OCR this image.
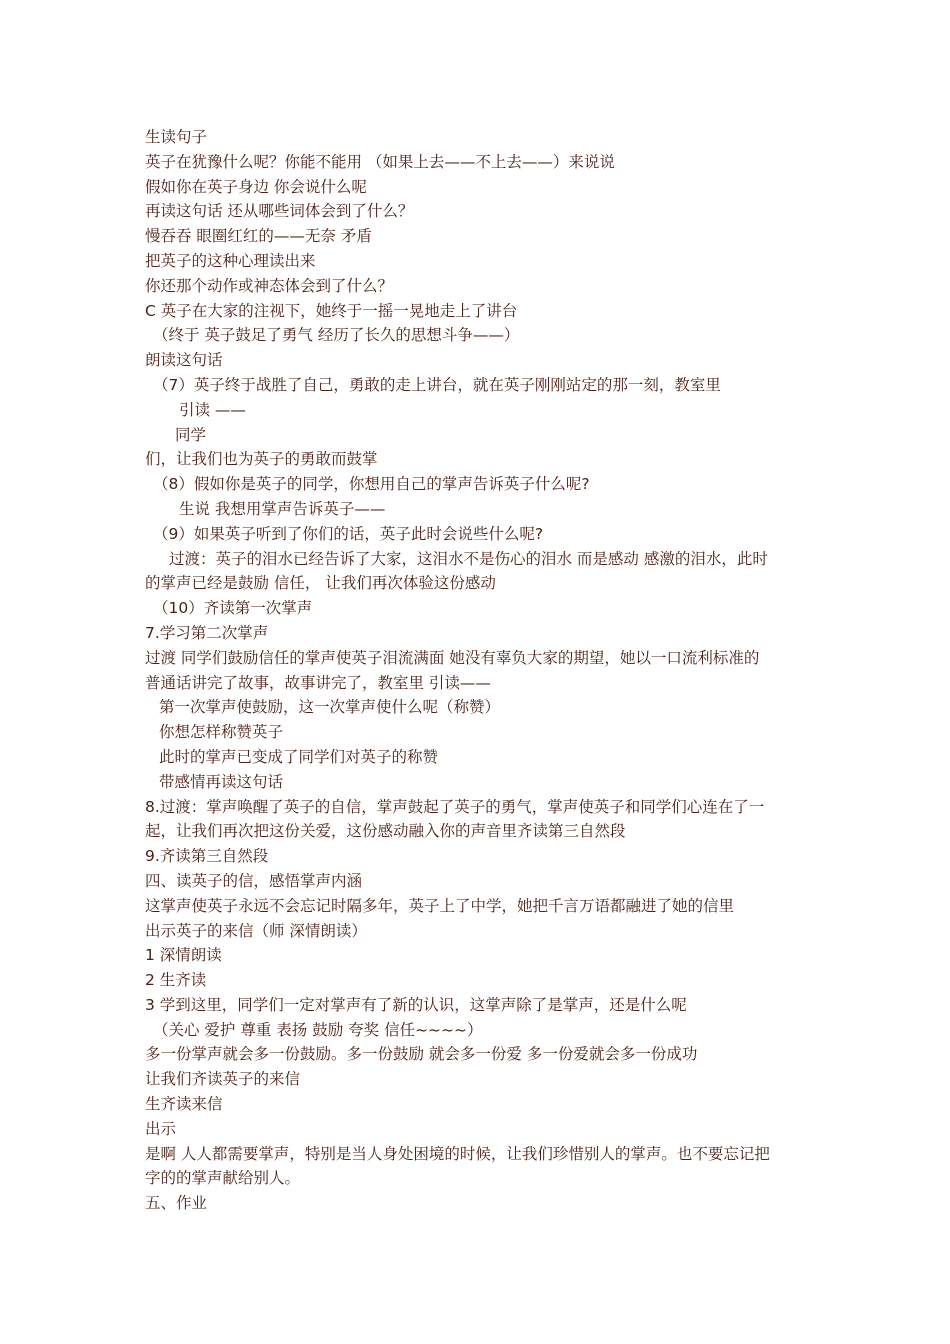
生读句子
英子在犹豫什么呢？你能不能用 （如果上去——不上去——）来说说
假如你在英子身边 你会说什么呢
再读这句话 还从哪些词体会到了什么？
慢吞吞 眼圈红红的——无奈 矛盾
把英子的这种心理读出来
你还那个动作或神态体会到了什么？
C 英子在大家的注视下，她终于一摇一晃地走上了讲台
（终于 英子鼓足了勇气 经历了长久的思想斗争——）
朗读这句话
（7）英子终于战胜了自己，勇敢的走上讲台，就在英子刚刚站定的那一刻，教室里
引读 ——
同学
们，让我们也为英子的勇敢而鼓掌
（8）假如你是英子的同学，你想用自己的掌声告诉英子什么呢?
生说 我想用掌声告诉英子——
（9）如果英子听到了你们的话，英子此时会说些什么呢?
过渡：英子的泪水已经告诉了大家，这泪水不是伤心的泪水 而是感动 感激的泪水，此时
的掌声已经是鼓励 信任， 让我们再次体验这份感动
（10）齐读第一次掌声
7.学习第二次掌声
过渡 同学们鼓励信任的掌声使英子泪流满面 她没有辜负大家的期望，她以一口流利标准的
普通话讲完了故事，故事讲完了，教室里 引读——
第一次掌声使鼓励，这一次掌声使什么呢（称赞）
你想怎样称赞英子
此时的掌声已变成了同学们对英子的称赞
带感情再读这句话
8.过渡：掌声唤醒了英子的自信，掌声鼓起了英子的勇气，掌声使英子和同学们心连在了一
起，让我们再次把这份关爱，这份感动融入你的声音里齐读第三自然段
9.齐读第三自然段
四、读英子的信，感悟掌声内涵
这掌声使英子永远不会忘记时隔多年，英子上了中学，她把千言万语都融进了她的信里
出示英子的来信（师 深情朗读）
1 深情朗读
2 生齐读
3 学到这里，同学们一定对掌声有了新的认识，这掌声除了是掌声，还是什么呢
（关心 爱护 尊重 表扬 鼓励 夸奖 信任~~~~）
多一份掌声就会多一份鼓励。多一份鼓励 就会多一份爱 多一份爱就会多一份成功
让我们齐读英子的来信
生齐读来信
出示
是啊 人人都需要掌声，特别是当人身处困境的时候，让我们珍惜别人的掌声。也不要忘记把
字的的掌声献给别人。
五、作业
